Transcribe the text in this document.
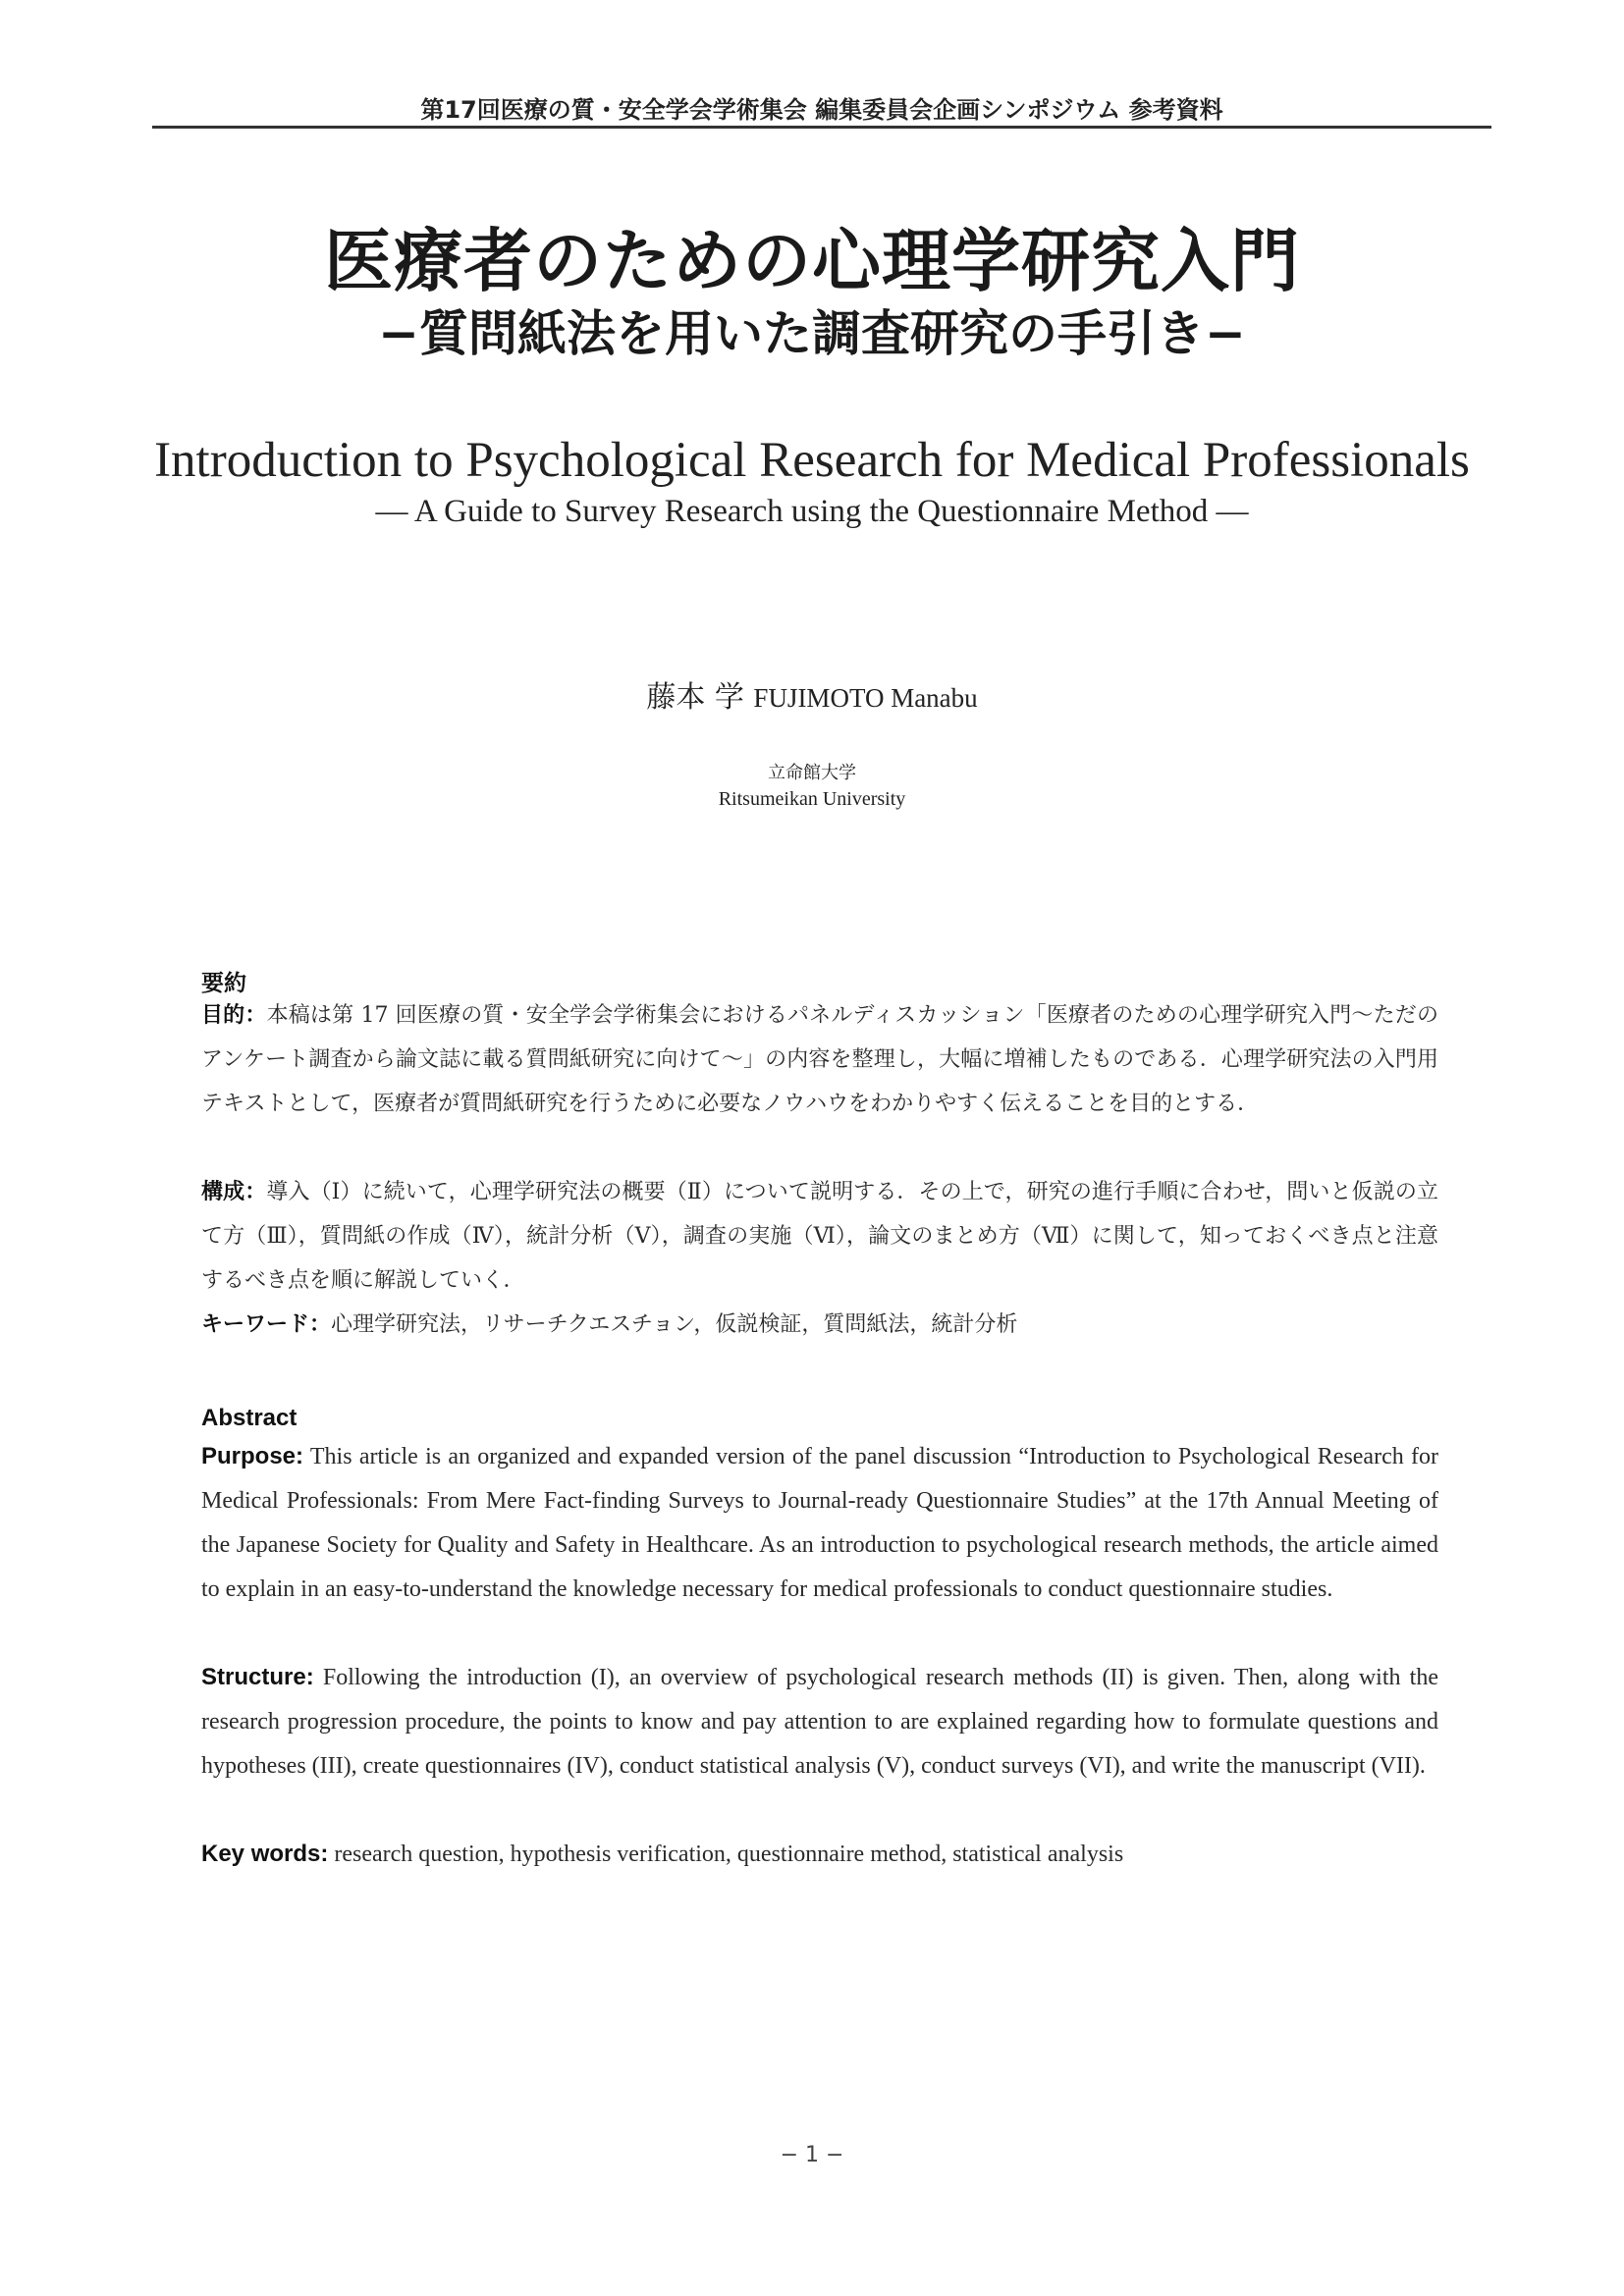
第17回医療の質・安全学会学術集会 編集委員会企画シンポジウム 参考資料
医療者のための心理学研究入門
−質問紙法を用いた調査研究の手引き−
Introduction to Psychological Research for Medical Professionals
― A Guide to Survey Research using the Questionnaire Method ―
藤本 学 FUJIMOTO Manabu
立命館大学
Ritsumeikan University
要約
目的：本稿は第 17 回医療の質・安全学会学術集会におけるパネルディスカッション「医療者のための心理学研究入門〜ただのアンケート調査から論文誌に載る質問紙研究に向けて〜」の内容を整理し，大幅に増補したものである．心理学研究法の入門用テキストとして，医療者が質問紙研究を行うために必要なノウハウをわかりやすく伝えることを目的とする．
構成：導入（Ⅰ）に続いて，心理学研究法の概要（Ⅱ）について説明する．その上で，研究の進行手順に合わせ，問いと仮説の立て方（Ⅲ），質問紙の作成（Ⅳ），統計分析（Ⅴ），調査の実施（Ⅵ），論文のまとめ方（Ⅶ）に関して，知っておくべき点と注意するべき点を順に解説していく．
キーワード：心理学研究法，リサーチクエスチョン，仮説検証，質問紙法，統計分析
Abstract
Purpose: This article is an organized and expanded version of the panel discussion “Introduction to Psychological Research for Medical Professionals: From Mere Fact-finding Surveys to Journal-ready Questionnaire Studies” at the 17th Annual Meeting of the Japanese Society for Quality and Safety in Healthcare. As an introduction to psychological research methods, the article aimed to explain in an easy-to-understand the knowledge necessary for medical professionals to conduct questionnaire studies.
Structure: Following the introduction (I), an overview of psychological research methods (II) is given. Then, along with the research progression procedure, the points to know and pay attention to are explained regarding how to formulate questions and hypotheses (III), create questionnaires (IV), conduct statistical analysis (V), conduct surveys (VI), and write the manuscript (VII).
Key words: research question, hypothesis verification, questionnaire method, statistical analysis
− 1 −
